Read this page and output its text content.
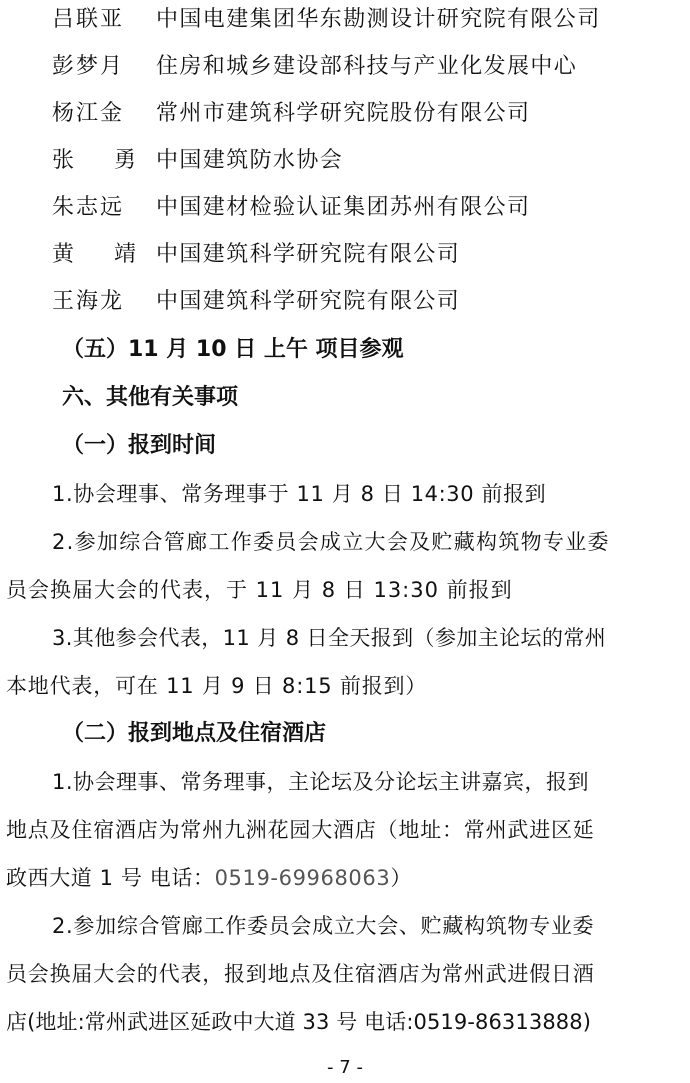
吕联亚 中国电建集团华东勘测设计研究院有限公司
彭梦月 住房和城乡建设部科技与产业化发展中心
杨江金 常州市建筑科学研究院股份有限公司
张勇
中国建筑防水协会
朱志远 中国建材检验认证集团苏州有限公司
黄靖
中国建筑科学研究院有限公司
王海龙 中国建筑科学研究院有限公司
（五）11 月 10 日 上午 项目参观
六、其他有关事项
（一）报到时间
1.协会理事、常务理事于 11 月 8 日 14:30 前报到
2.参加综合管廊工作委员会成立大会及贮藏构筑物专业委
员会换届大会的代表，于 11 月 8 日 13:30 前报到
3.其他参会代表，11 月 8 日全天报到（参加主论坛的常州
本地代表，可在 11 月 9 日 8:15 前报到）
（二）报到地点及住宿酒店
1.协会理事、常务理事，主论坛及分论坛主讲嘉宾，报到
地点及住宿酒店为常州九洲花园大酒店（地址：常州武进区延
政西大道 1 号 电话：0519-69968063）
2.参加综合管廊工作委员会成立大会、贮藏构筑物专业委
员会换届大会的代表，报到地点及住宿酒店为常州武进假日酒
店(地址:常州武进区延政中大道 33 号 电话:0519-86313888)
- 7 -
